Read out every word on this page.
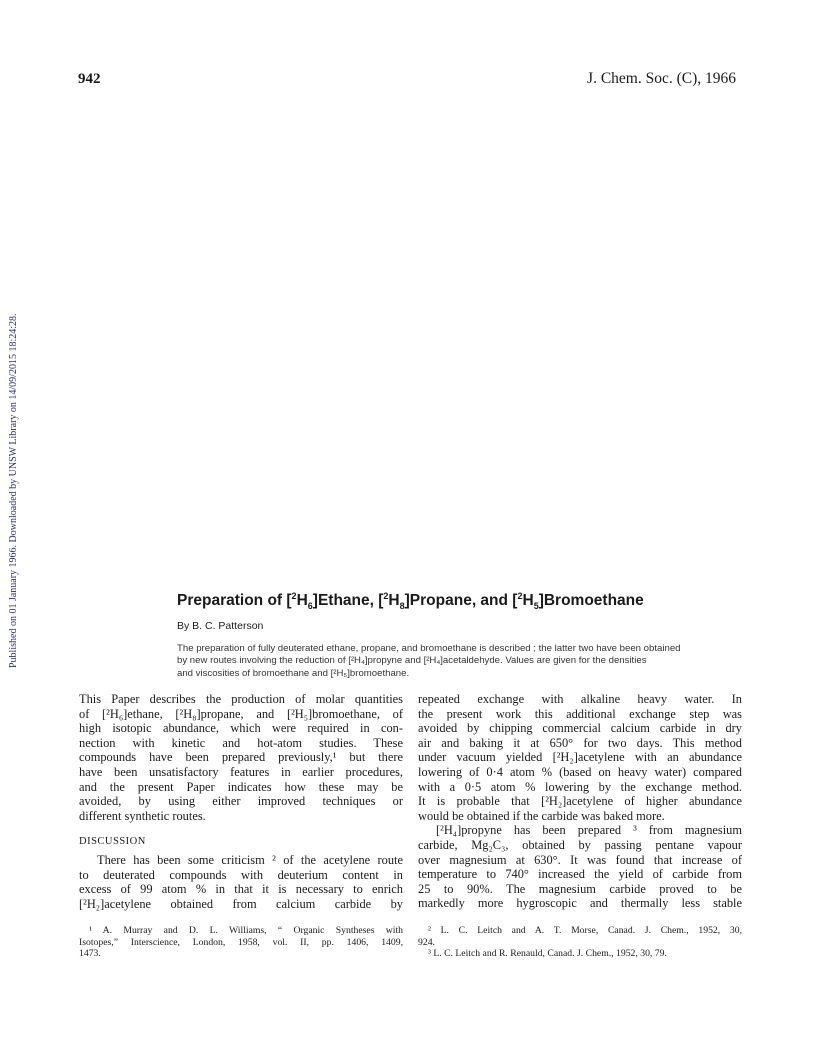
942	J. Chem. Soc. (C), 1966
Published on 01 January 1966. Downloaded by UNSW Library on 14/09/2015 18:24:28.	Preparation of $[^2H_6]Ethane$, $[^2H_8]Propane$, and $[^2H_5]Bromoethane$
By B. C. Patterson
The preparation of fully deuterated ethane, propane, and bromoethane is described ; the latter two have been obtained
by new routes involving the reduction of [²H₄]propyne and [²H₄]acetaldehyde. Values are given for the densities
and viscosities of bromoethane and [²H₅]bromoethane.
This Paper describes the production of molar quantities
of [²H₆]ethane, [²H₈]propane, and [²H₅]bromoethane, of
high isotopic abundance, which were required in con-
nection with kinetic and hot-atom studies. These
compounds have been prepared previously,¹ but there
have been unsatisfactory features in earlier procedures,
and the present Paper indicates how these may be
avoided, by using either improved techniques or
different synthetic routes.
DISCUSSION
There has been some criticism ² of the acetylene route
to deuterated compounds with deuterium content in
excess of 99 atom % in that it is necessary to enrich
[²H₂]acetylene obtained from calcium carbide by
repeated exchange with alkaline heavy water. In
the present work this additional exchange step was
avoided by chipping commercial calcium carbide in dry
air and baking it at 650° for two days. This method
under vacuum yielded [²H₂]acetylene with an abundance
lowering of 0·4 atom % (based on heavy water) compared
with a 0·5 atom % lowering by the exchange method.
It is probable that [²H₂]acetylene of higher abundance
would be obtained if the carbide was baked more.
[²H₄]propyne has been prepared ³ from magnesium
carbide, Mg₂C₃, obtained by passing pentane vapour
over magnesium at 630°. It was found that increase of
temperature to 740° increased the yield of carbide from
25 to 90%. The magnesium carbide proved to be
markedly more hygroscopic and thermally less stable
¹ A. Murray and D. L. Williams, “ Organic Syntheses with
Isotopes,” Interscience, London, 1958, vol. II, pp. 1406, 1409,
1473.
² L. C. Leitch and A. T. Morse, Canad. J. Chem., 1952, 30,
924.
³ L. C. Leitch and R. Renauld, Canad. J. Chem., 1952, 30, 79.
